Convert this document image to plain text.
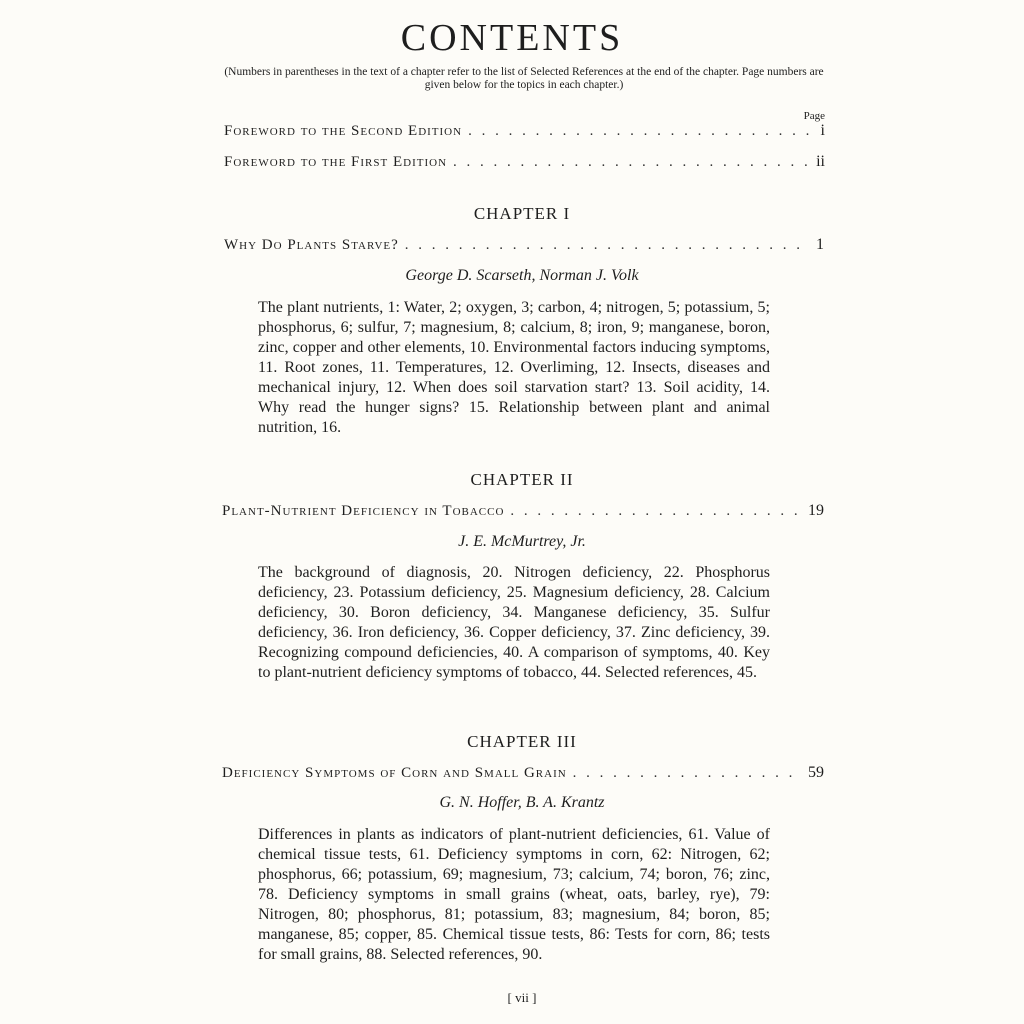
CONTENTS
(Numbers in parentheses in the text of a chapter refer to the list of Selected References at the end of the chapter. Page numbers are given below for the topics in each chapter.)
Page
Foreword to the Second Edition . . .	i
Foreword to the First Edition . . .	ii
CHAPTER I
Why Do Plants Starve? . . .	1
George D. Scarseth, Norman J. Volk
The plant nutrients, 1: Water, 2; oxygen, 3; carbon, 4; nitrogen, 5; potassium, 5; phosphorus, 6; sulfur, 7; magnesium, 8; calcium, 8; iron, 9; manganese, boron, zinc, copper and other elements, 10. Environmental factors inducing symptoms, 11. Root zones, 11. Temperatures, 12. Overliming, 12. Insects, diseases and mechanical injury, 12. When does soil starvation start? 13. Soil acidity, 14. Why read the hunger signs? 15. Relationship between plant and animal nutrition, 16.
CHAPTER II
Plant-Nutrient Deficiency in Tobacco . . .	19
J. E. McMurtrey, Jr.
The background of diagnosis, 20. Nitrogen deficiency, 22. Phosphorus deficiency, 23. Potassium deficiency, 25. Magnesium deficiency, 28. Calcium deficiency, 30. Boron deficiency, 34. Manganese deficiency, 35. Sulfur deficiency, 36. Iron deficiency, 36. Copper deficiency, 37. Zinc deficiency, 39. Recognizing compound deficiencies, 40. A comparison of symptoms, 40. Key to plant-nutrient deficiency symptoms of tobacco, 44. Selected references, 45.
CHAPTER III
Deficiency Symptoms of Corn and Small Grain . . .	59
G. N. Hoffer, B. A. Krantz
Differences in plants as indicators of plant-nutrient deficiencies, 61. Value of chemical tissue tests, 61. Deficiency symptoms in corn, 62: Nitrogen, 62; phosphorus, 66; potassium, 69; magnesium, 73; calcium, 74; boron, 76; zinc, 78. Deficiency symptoms in small grains (wheat, oats, barley, rye), 79: Nitrogen, 80; phosphorus, 81; potassium, 83; magnesium, 84; boron, 85; manganese, 85; copper, 85. Chemical tissue tests, 86: Tests for corn, 86; tests for small grains, 88. Selected references, 90.
[ vii ]
